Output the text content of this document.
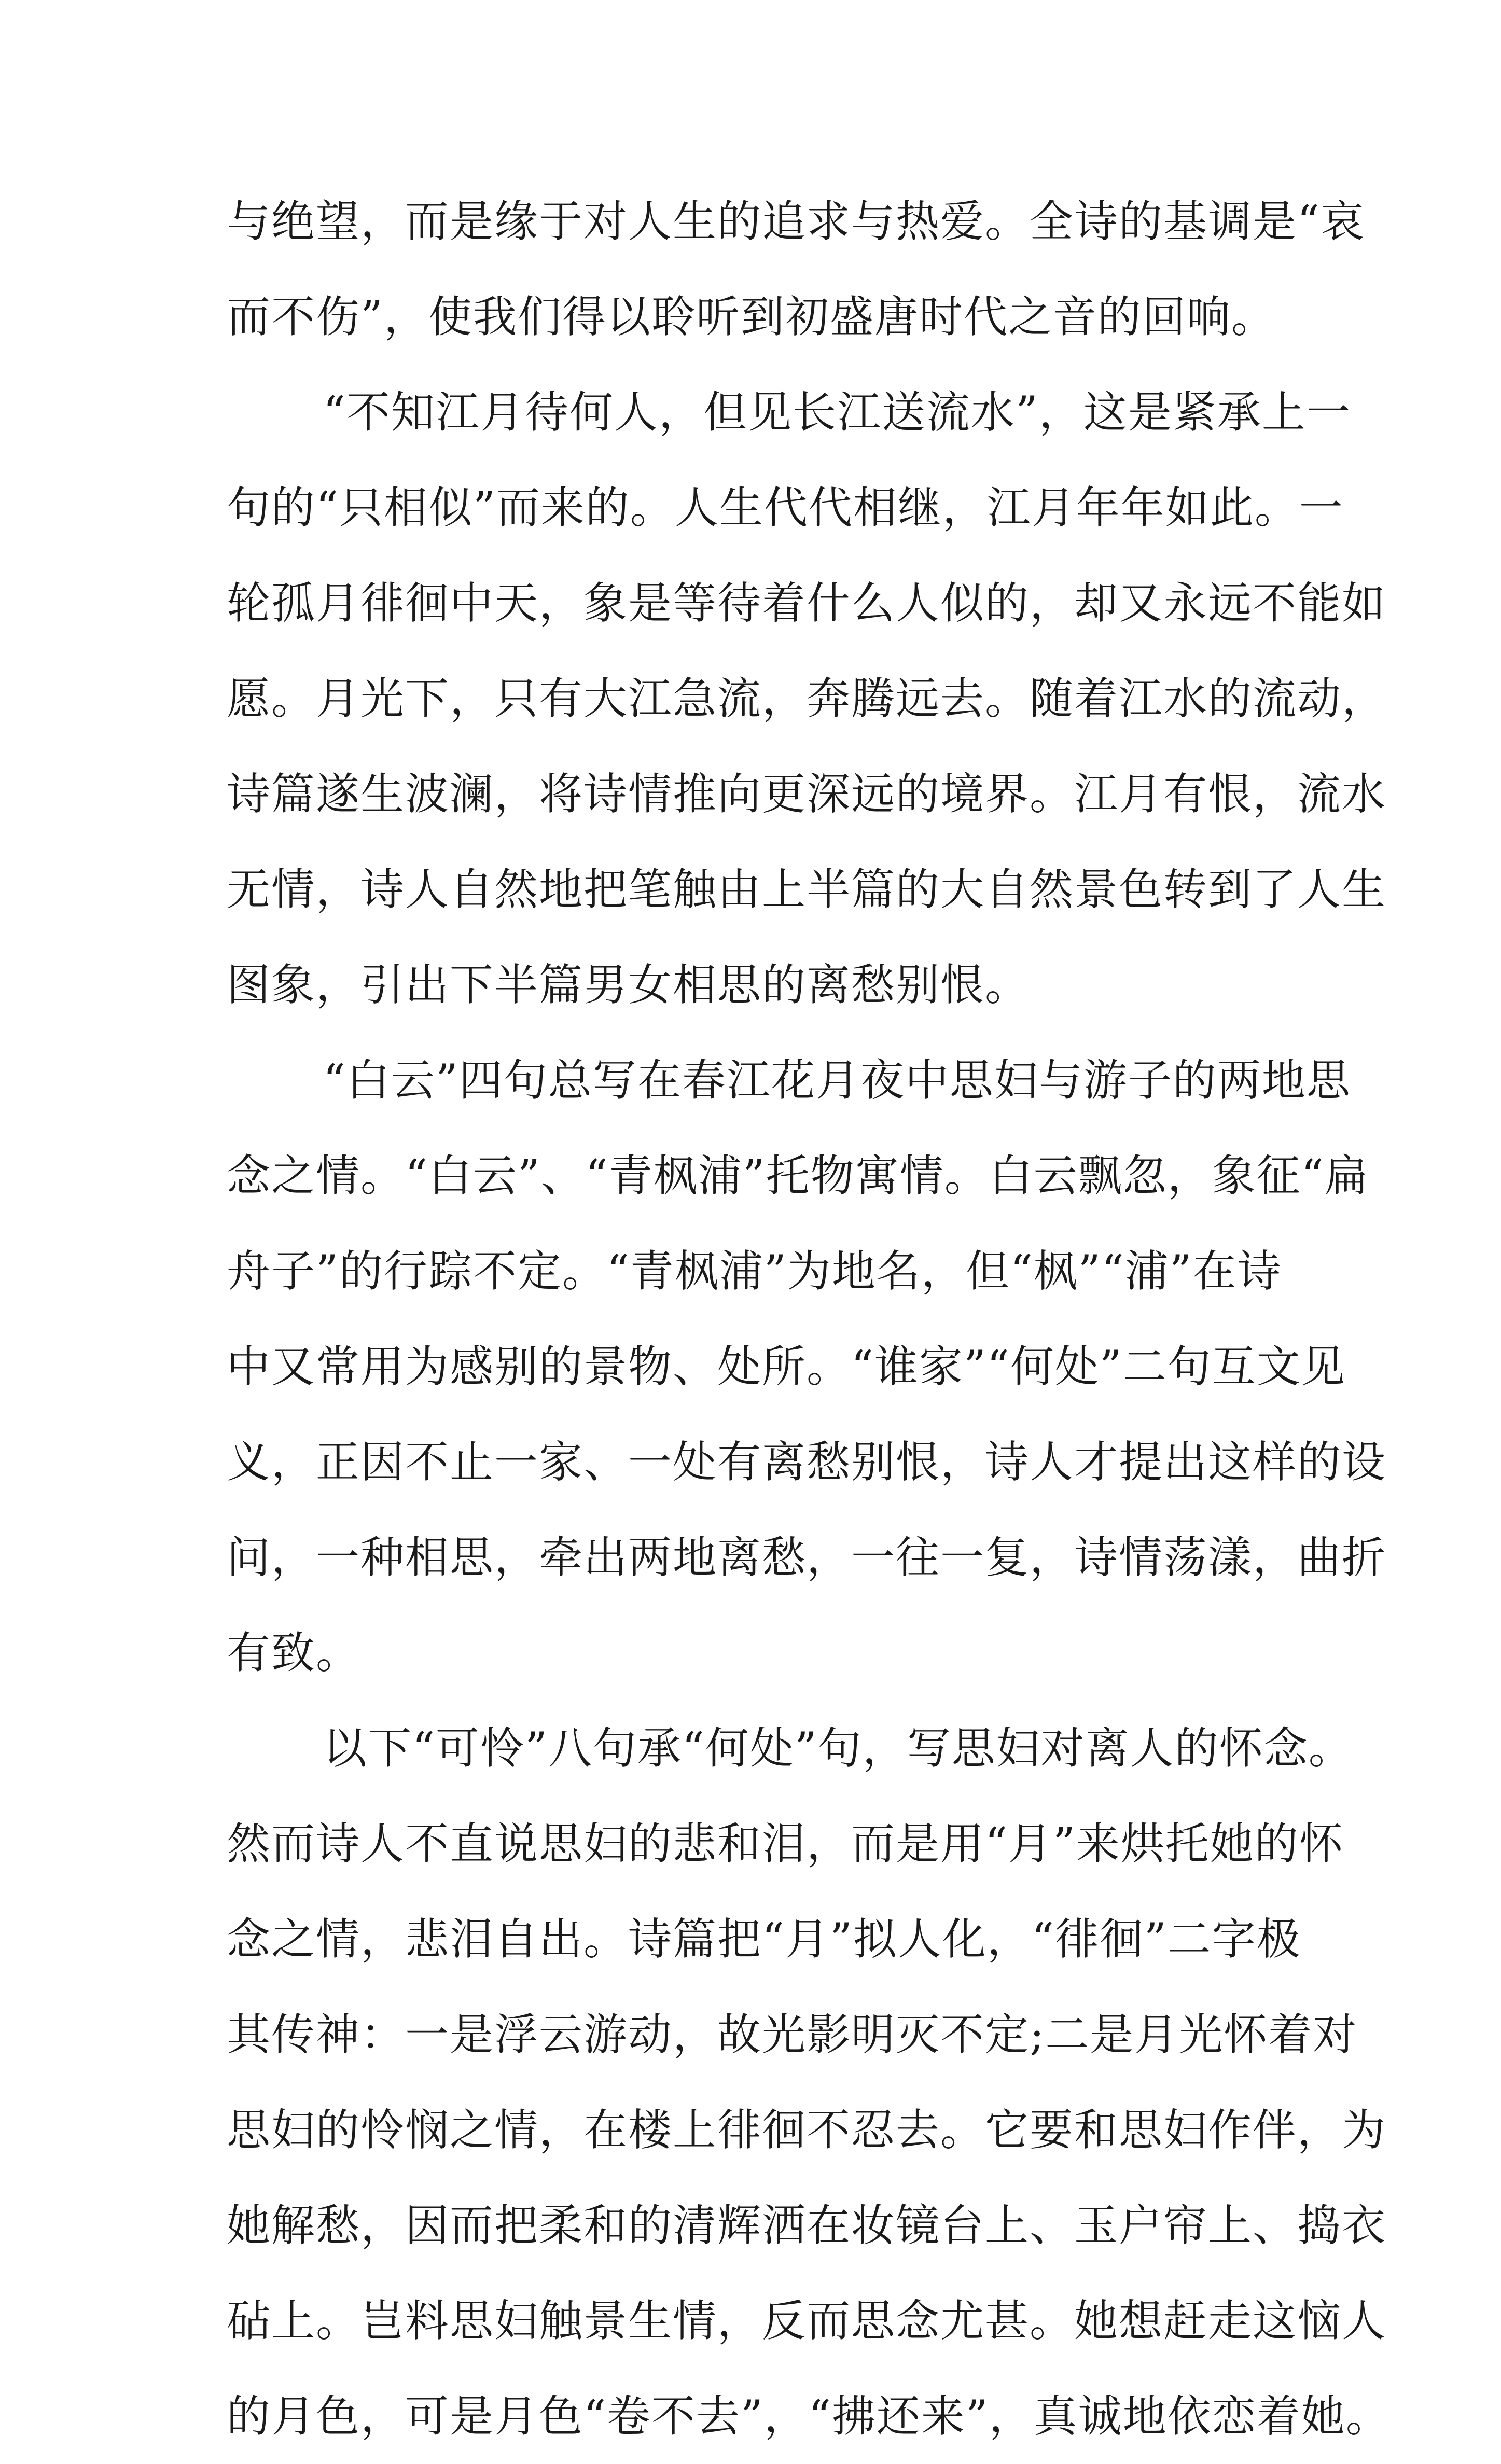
与绝望，而是缘于对人生的追求与热爱。全诗的基调是“哀
而不伤”，使我们得以聆听到初盛唐时代之音的回响。
“不知江月待何人，但见长江送流水”，这是紧承上一
句的“只相似”而来的。人生代代相继，江月年年如此。一
轮孤月徘徊中天，象是等待着什么人似的，却又永远不能如
愿。月光下，只有大江急流，奔腾远去。随着江水的流动，
诗篇遂生波澜，将诗情推向更深远的境界。江月有恨，流水
无情，诗人自然地把笔触由上半篇的大自然景色转到了人生
图象，引出下半篇男女相思的离愁别恨。
“白云”四句总写在春江花月夜中思妇与游子的两地思
念之情。“白云”、“青枫浦”托物寓情。白云飘忽，象征“扁
舟子”的行踪不定。“青枫浦”为地名，但“枫”“浦”在诗
中又常用为感别的景物、处所。“谁家”“何处”二句互文见
义，正因不止一家、一处有离愁别恨，诗人才提出这样的设
问，一种相思，牵出两地离愁，一往一复，诗情荡漾，曲折
有致。
以下“可怜”八句承“何处”句，写思妇对离人的怀念。
然而诗人不直说思妇的悲和泪，而是用“月”来烘托她的怀
念之情，悲泪自出。诗篇把“月”拟人化，“徘徊”二字极
其传神：一是浮云游动，故光影明灭不定;二是月光怀着对
思妇的怜悯之情，在楼上徘徊不忍去。它要和思妇作伴，为
她解愁，因而把柔和的清辉洒在妆镜台上、玉户帘上、捣衣
砧上。岂料思妇触景生情，反而思念尤甚。她想赶走这恼人
的月色，可是月色“卷不去”，“拂还来”，真诚地依恋着她。
